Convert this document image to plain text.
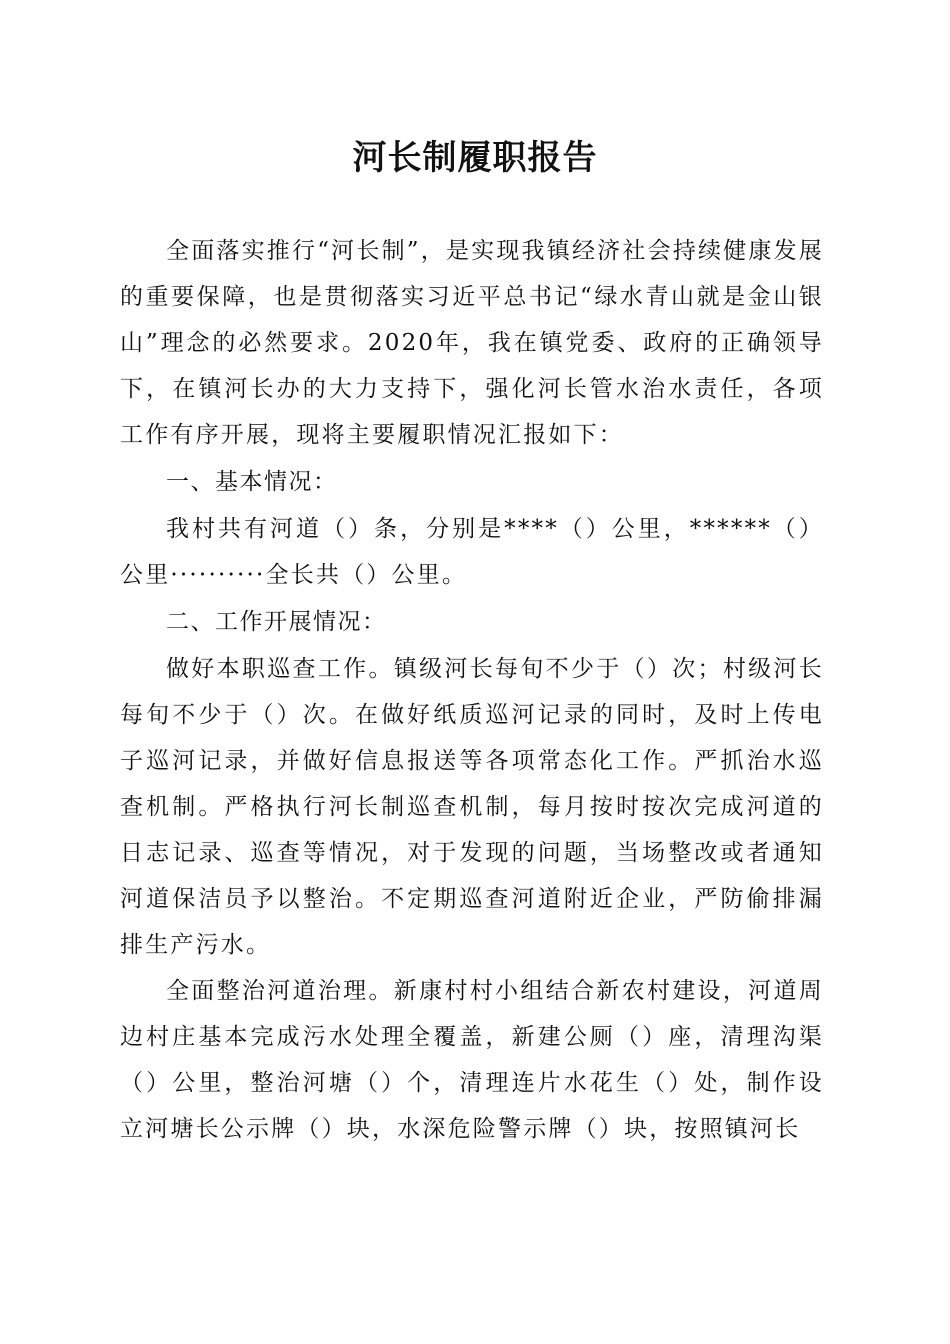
河长制履职报告

全面落实推行“河长制”，是实现我镇经济社会持续健康发展的重要保障，也是贯彻落实习近平总书记“绿水青山就是金山银山”理念的必然要求。2020年，我在镇党委、政府的正确领导下，在镇河长办的大力支持下，强化河长管水治水责任，各项工作有序开展，现将主要履职情况汇报如下：

一、基本情况：

我村共有河道（）条，分别是****（）公里，******（）公里··········全长共（）公里。

二、工作开展情况：

做好本职巡查工作。镇级河长每旬不少于（）次；村级河长每旬不少于（）次。在做好纸质巡河记录的同时，及时上传电子巡河记录，并做好信息报送等各项常态化工作。严抓治水巡查机制。严格执行河长制巡查机制，每月按时按次完成河道的日志记录、巡查等情况，对于发现的问题，当场整改或者通知河道保洁员予以整治。不定期巡查河道附近企业，严防偷排漏排生产污水。

全面整治河道治理。新康村村小组结合新农村建设，河道周边村庄基本完成污水处理全覆盖，新建公厕（）座，清理沟渠（）公里，整治河塘（）个，清理连片水花生（）处，制作设立河塘长公示牌（）块，水深危险警示牌（）块，按照镇河长
